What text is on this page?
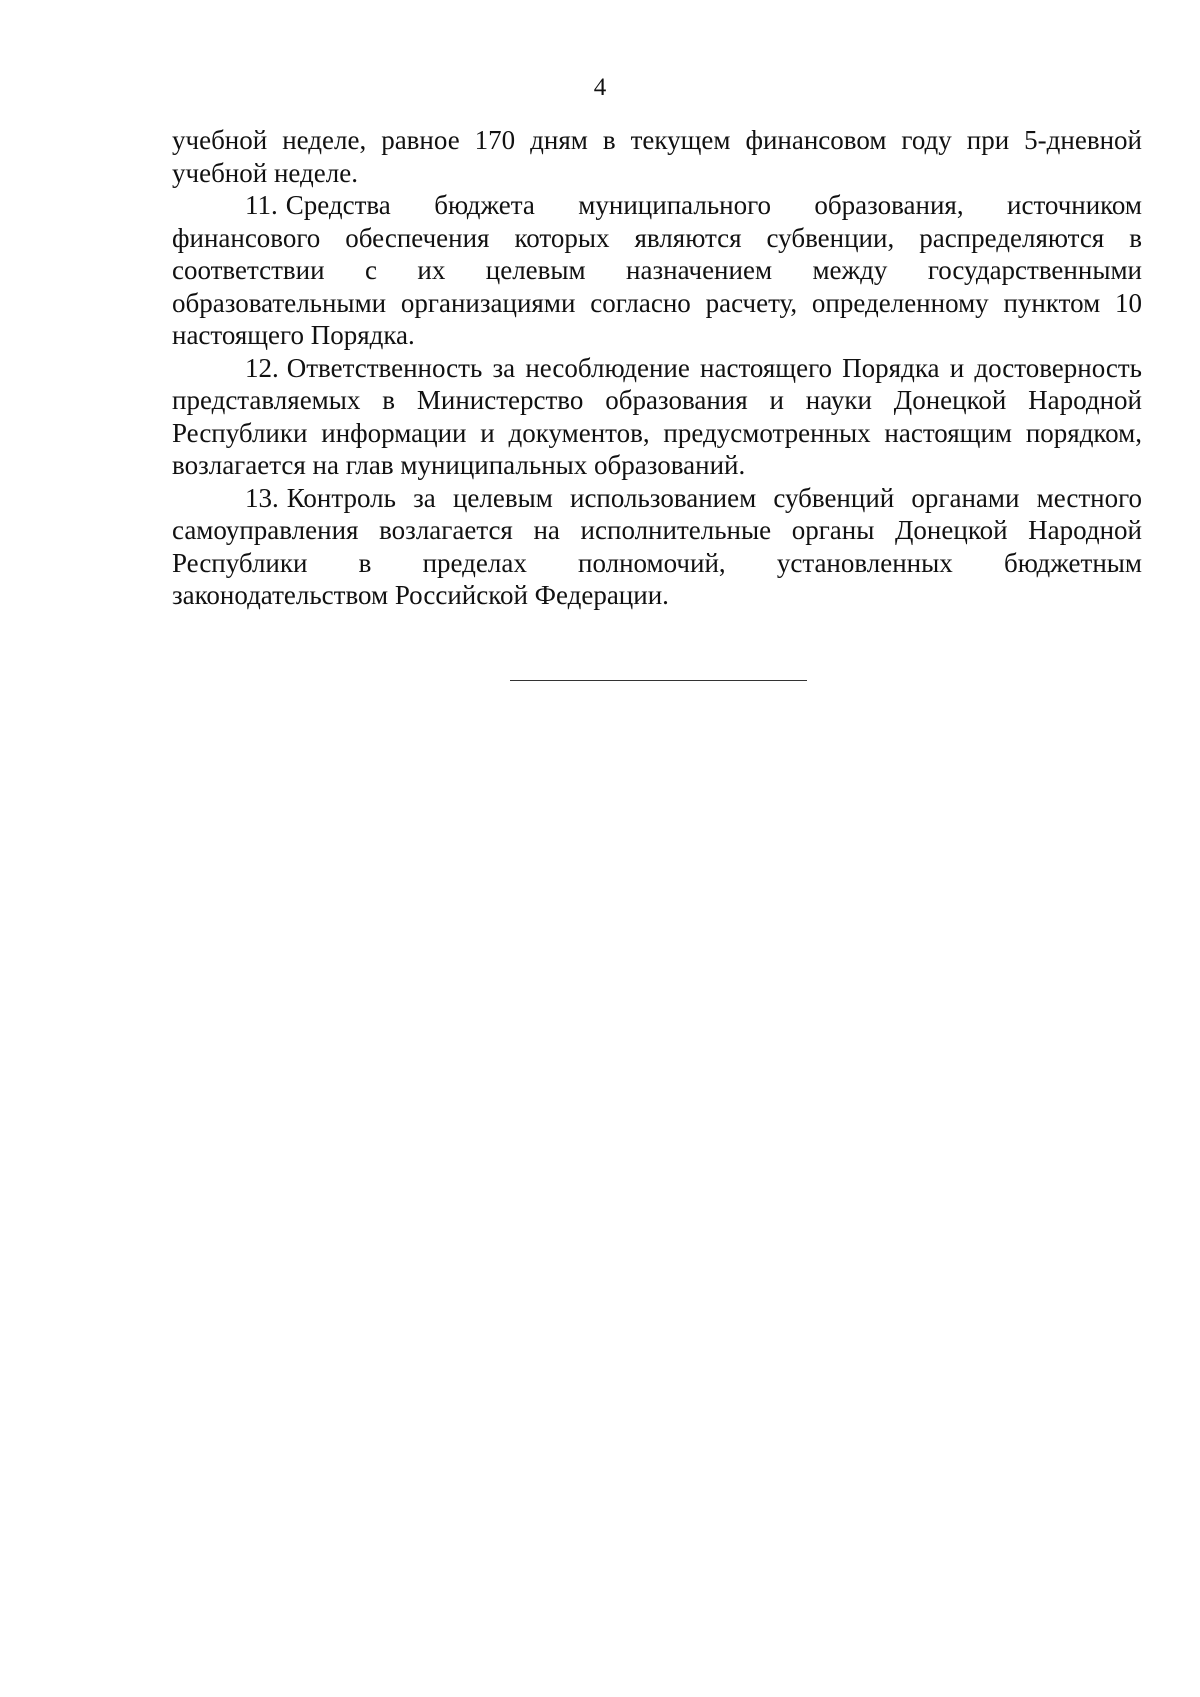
4

учебной неделе, равное 170 дням в текущем финансовом году при 5-дневной учебной неделе.

11. Средства бюджета муниципального образования, источником финансового обеспечения которых являются субвенции, распределяются в соответствии с их целевым назначением между государственными образовательными организациями согласно расчету, определенному пунктом 10 настоящего Порядка.

12. Ответственность за несоблюдение настоящего Порядка и достоверность представляемых в Министерство образования и науки Донецкой Народной Республики информации и документов, предусмотренных настоящим порядком, возлагается на глав муниципальных образований.

13. Контроль за целевым использованием субвенций органами местного самоуправления возлагается на исполнительные органы Донецкой Народной Республики в пределах полномочий, установленных бюджетным законодательством Российской Федерации.
